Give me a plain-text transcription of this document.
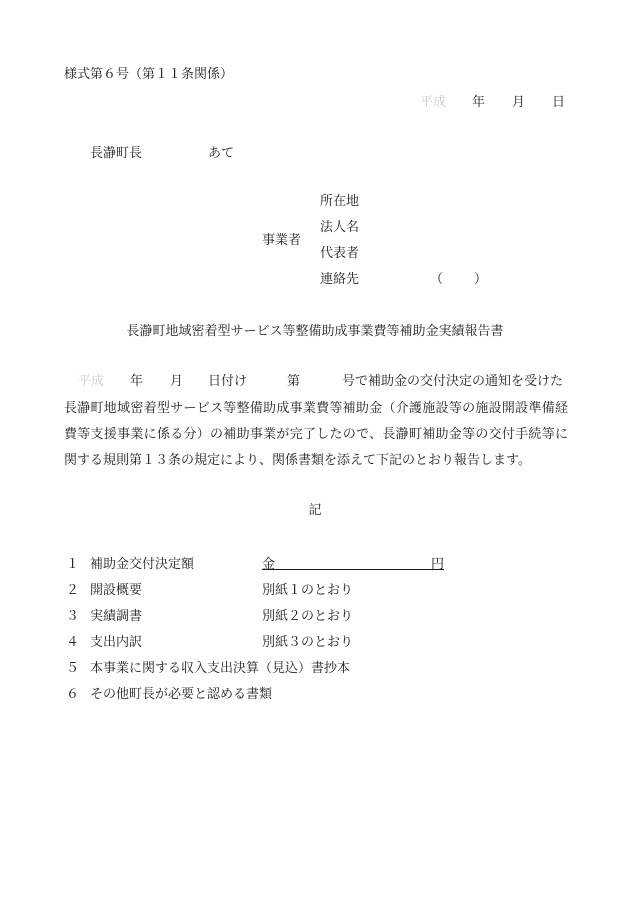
様式第６号（第１１条関係）
平成 年 月 日
長瀞町長	あて
事業者
所在地
法人名
代表者
連絡先	（ ）
長瀞町地域密着型サービス等整備助成事業費等補助金実績報告書
平成 年 月 日付け	第	号で補助金の交付決定の通知を受けた
長瀞町地域密着型サービス等整備助成事業費等補助金（介護施設等の施設開設準備経
費等支援事業に係る分）の補助事業が完了したので、長瀞町補助金等の交付手続等に
関する規則第１３条の規定により、関係書類を添えて下記のとおり報告します。
記
１ 補助金交付決定額	金　　　　　　　　　　　　円
２ 開設概要	別紙１のとおり
３ 実績調書	別紙２のとおり
４ 支出内訳	別紙３のとおり
５ 本事業に関する収入支出決算（見込）書抄本
６ その他町長が必要と認める書類
